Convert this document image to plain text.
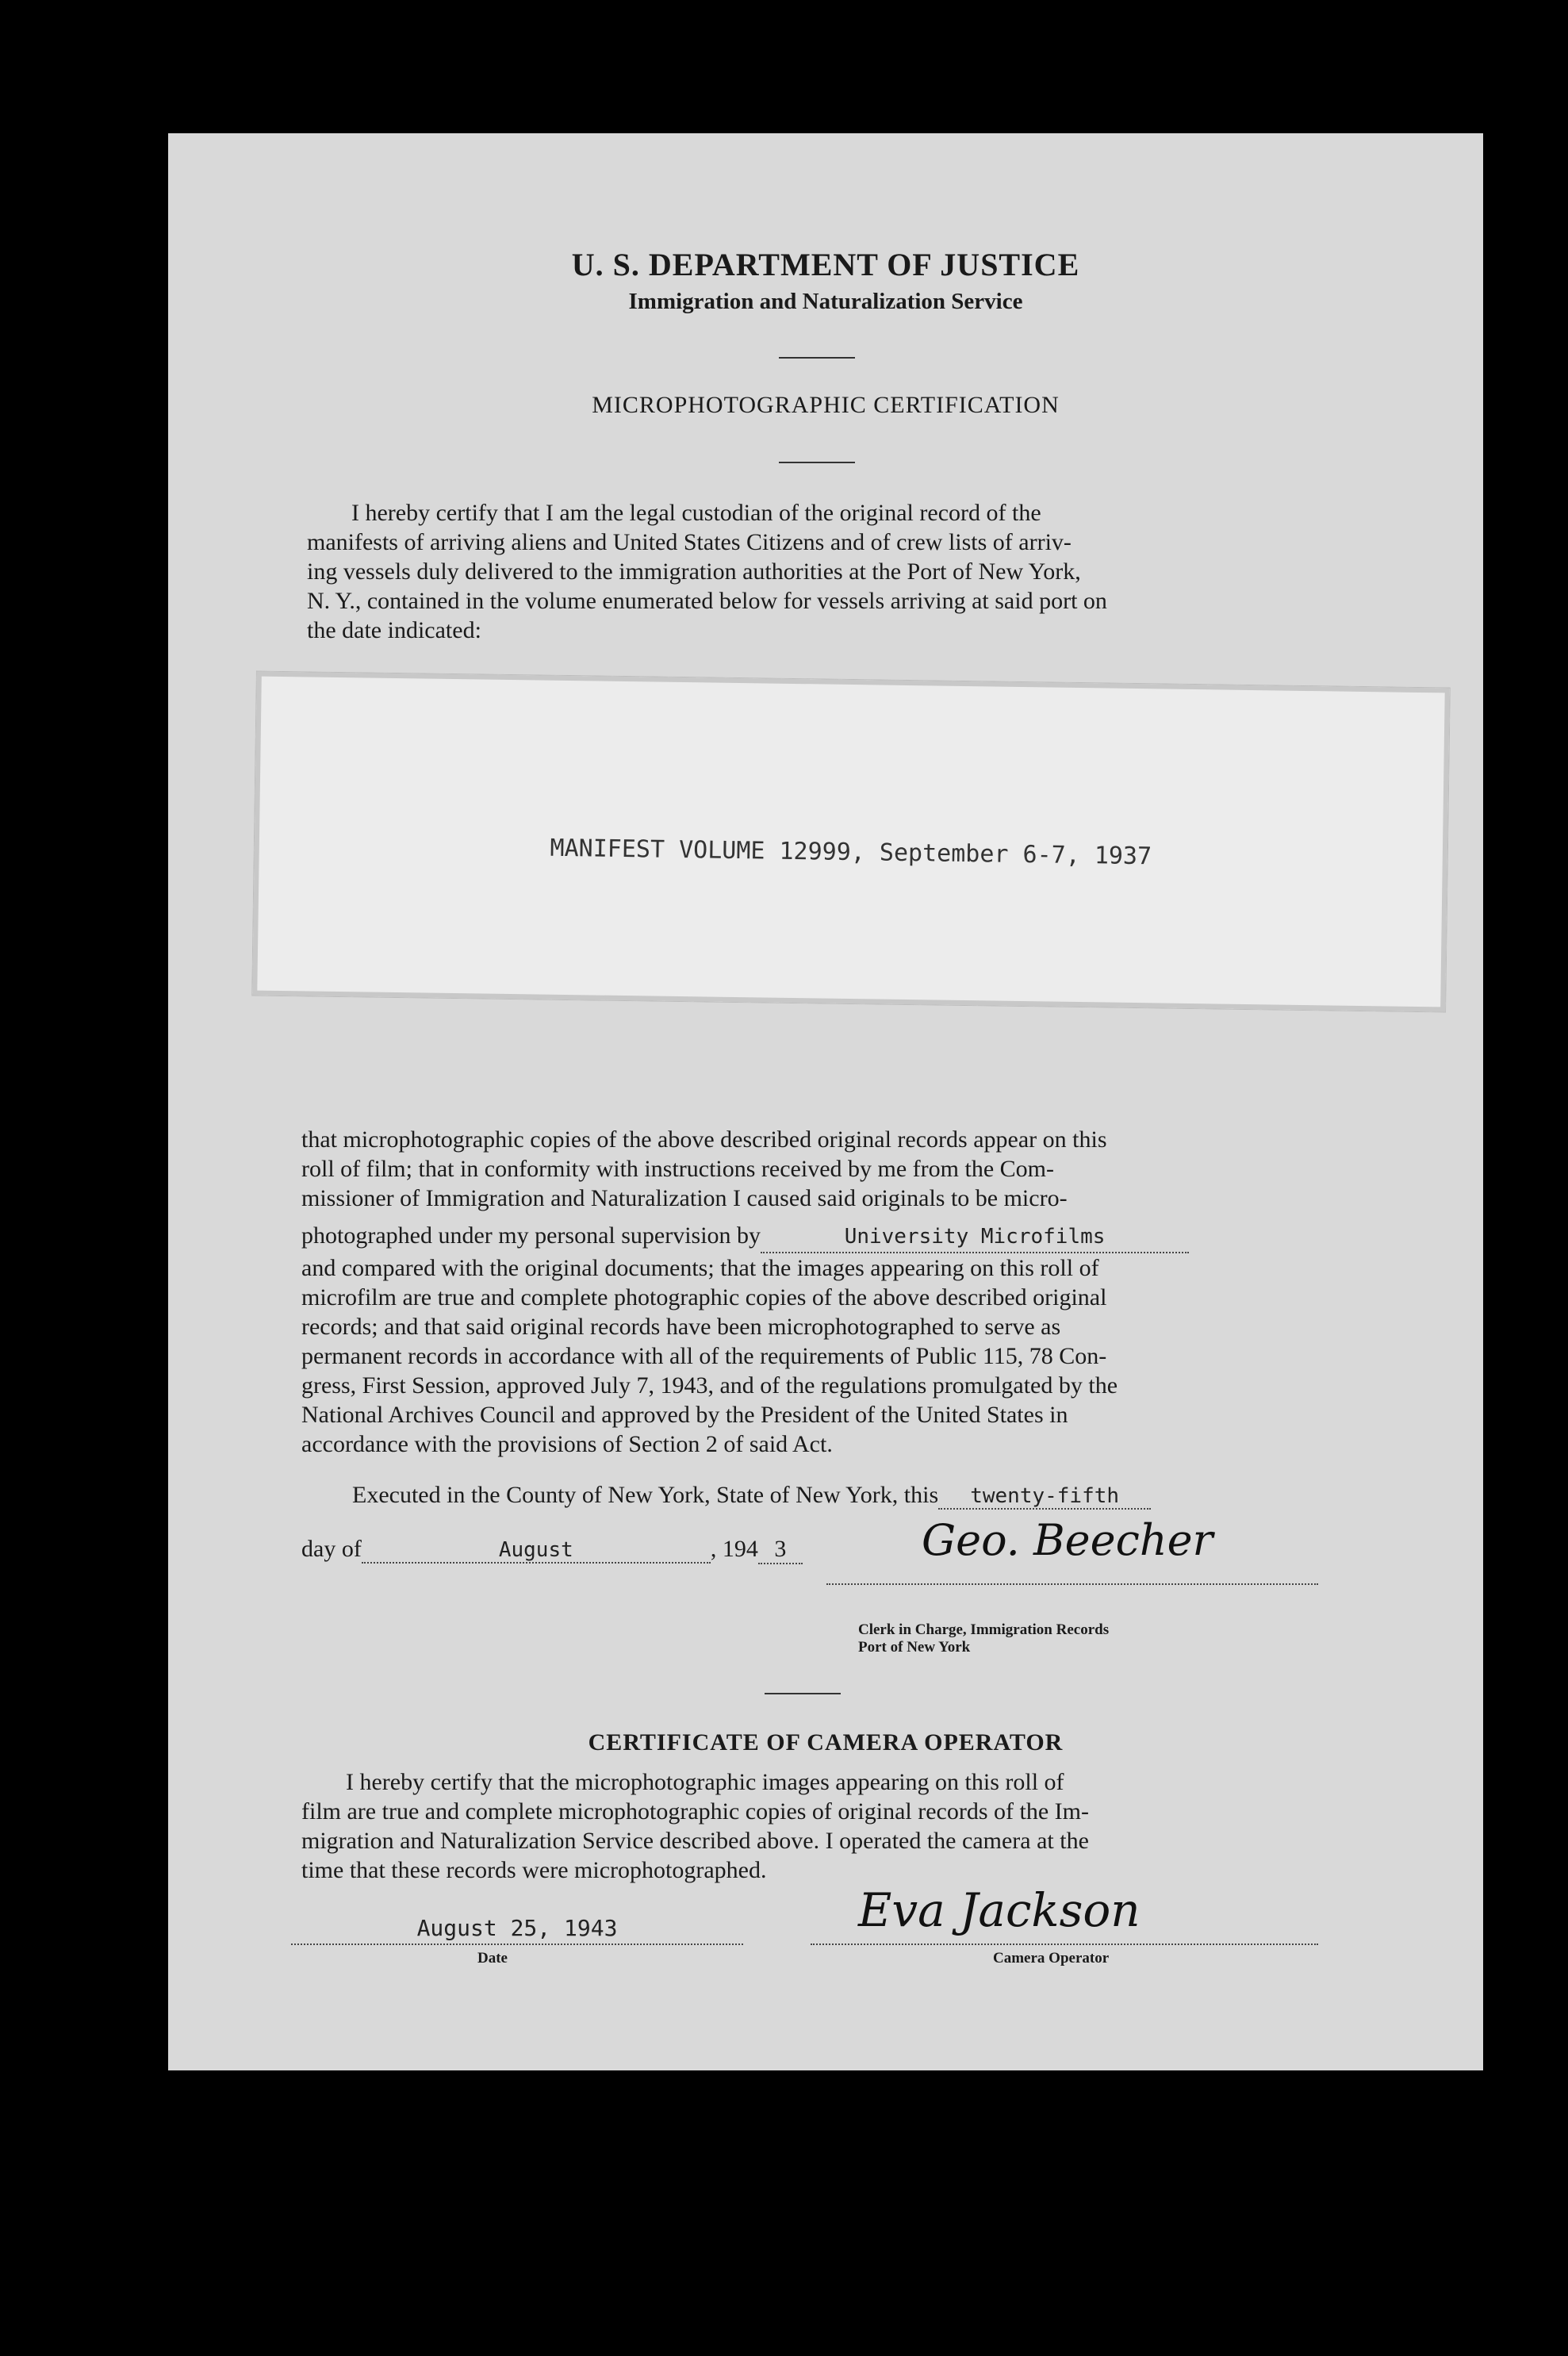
U. S. DEPARTMENT OF JUSTICE
Immigration and Naturalization Service
MICROPHOTOGRAPHIC CERTIFICATION

I hereby certify that I am the legal custodian of the original record of the

manifests of arriving aliens and United States Citizens and of crew lists of arriv-

ing vessels duly delivered to the immigration authorities at the Port of New York,

N. Y., contained in the volume enumerated below for vessels arriving at said port on

the date indicated:

MANIFEST VOLUME 12999, September 6-7, 1937

that microphotographic copies of the above described original records appear on this

roll of film; that in conformity with instructions received by me from the Com-

missioner of Immigration and Naturalization I caused said originals to be micro-

photographed under my personal supervision by	University Microfilms

and compared with the original documents; that the images appearing on this roll of

microfilm are true and complete photographic copies of the above described original

records; and that said original records have been microphotographed to serve as

permanent records in accordance with all of the requirements of Public 115, 78 Con-

gress, First Session, approved July 7, 1943, and of the regulations promulgated by the

National Archives Council and approved by the President of the United States in

accordance with the provisions of Section 2 of said Act.

Executed in the County of New York, State of New York, this twenty-fifth
day of	August	, 194 3	Geo. Beecher
Clerk in Charge, Immigration Records
Port of New York
CERTIFICATE OF CAMERA OPERATOR

I hereby certify that the microphotographic images appearing on this roll of

film are true and complete microphotographic copies of original records of the Im-

migration and Naturalization Service described above. I operated the camera at the

time that these records were microphotographed.

August 25, 1943
Date
Eva Jackson
Camera Operator
